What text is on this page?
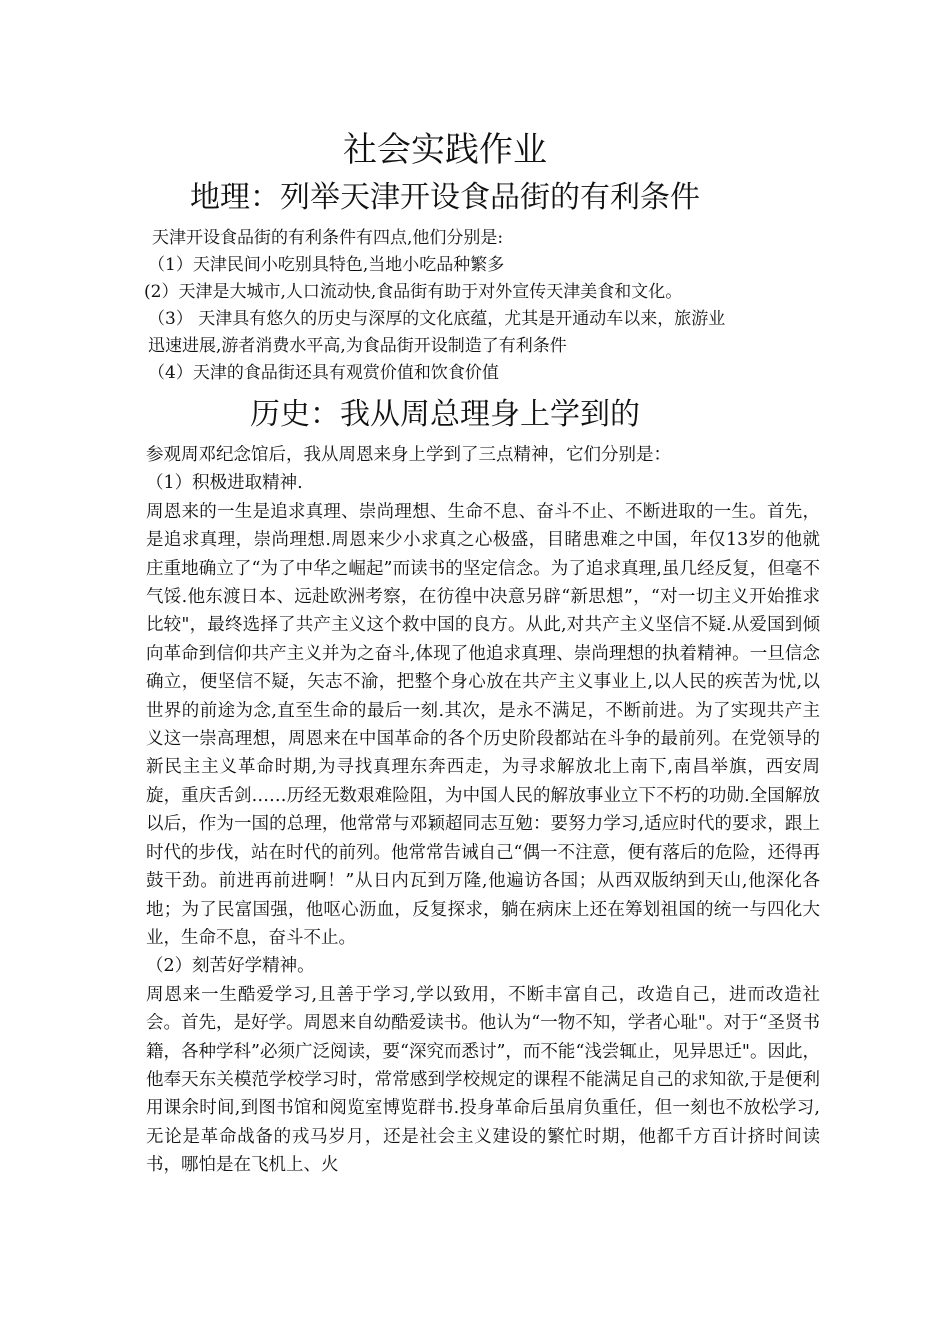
社会实践作业
地理：列举天津开设食品街的有利条件

天津开设食品街的有利条件有四点,他们分别是:

（1）天津民间小吃别具特色,当地小吃品种繁多

(2）天津是大城市,人口流动快,食品街有助于对外宣传天津美食和文化。

（3） 天津具有悠久的历史与深厚的文化底蕴，尤其是开通动车以来，旅游业

迅速进展,游者消费水平高,为食品街开设制造了有利条件

（4）天津的食品街还具有观赏价值和饮食价值

历史：我从周总理身上学到的

参观周邓纪念馆后，我从周恩来身上学到了三点精神，它们分别是：

（1）积极进取精神.

周恩来的一生是追求真理、崇尚理想、生命不息、奋斗不止、不断进取的一生。首先，是追求真理，崇尚理想.周恩来少小求真之心极盛，目睹患难之中国，年仅13岁的他就庄重地确立了“为了中华之崛起”而读书的坚定信念。为了追求真理,虽几经反复，但毫不气馁.他东渡日本、远赴欧洲考察，在彷徨中决意另辟“新思想”，“对一切主义开始推求比较"，最终选择了共产主义这个救中国的良方。从此,对共产主义坚信不疑.从爱国到倾向革命到信仰共产主义并为之奋斗,体现了他追求真理、崇尚理想的执着精神。一旦信念确立，便坚信不疑，矢志不渝，把整个身心放在共产主义事业上,以人民的疾苦为忧,以世界的前途为念,直至生命的最后一刻.其次，是永不满足，不断前进。为了实现共产主义这一崇高理想，周恩来在中国革命的各个历史阶段都站在斗争的最前列。在党领导的新民主主义革命时期,为寻找真理东奔西走，为寻求解放北上南下,南昌举旗，西安周旋，重庆舌剑……历经无数艰难险阻，为中国人民的解放事业立下不朽的功勋.全国解放以后，作为一国的总理，他常常与邓颖超同志互勉：要努力学习,适应时代的要求，跟上时代的步伐，站在时代的前列。他常常告诫自己“偶一不注意，便有落后的危险，还得再鼓干劲。前进再前进啊！”从日内瓦到万隆,他遍访各国；从西双版纳到天山,他深化各地；为了民富国强，他呕心沥血，反复探求，躺在病床上还在筹划祖国的统一与四化大业，生命不息，奋斗不止。

（2）刻苦好学精神。

周恩来一生酷爱学习,且善于学习,学以致用，不断丰富自己，改造自己，进而改造社会。首先，是好学。周恩来自幼酷爱读书。他认为“一物不知，学者心耻"。对于“圣贤书籍，各种学科”必须广泛阅读，要“深究而悉讨”，而不能“浅尝辄止，见异思迁"。因此，他奉天东关模范学校学习时，常常感到学校规定的课程不能满足自己的求知欲,于是便利用课余时间,到图书馆和阅览室博览群书.投身革命后虽肩负重任，但一刻也不放松学习,无论是革命战备的戎马岁月，还是社会主义建设的繁忙时期，他都千方百计挤时间读书，哪怕是在飞机上、火
